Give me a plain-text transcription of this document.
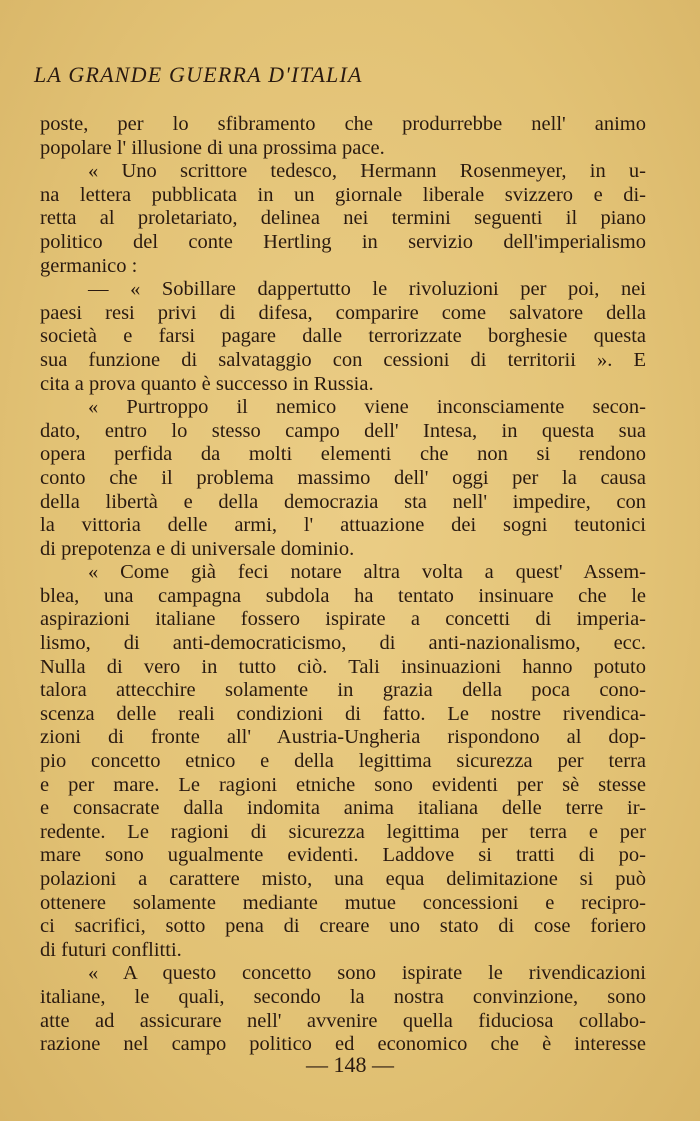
LA GRANDE GUERRA D'ITALIA
poste, per lo sfibramento che produrrebbe nell' animo
popolare l' illusione di una prossima pace.
« Uno scrittore tedesco, Hermann Rosenmeyer, in u-
na lettera pubblicata in un giornale liberale svizzero e di-
retta al proletariato, delinea nei termini seguenti il piano
politico del conte Hertling in servizio dell'imperialismo
germanico :
— « Sobillare dappertutto le rivoluzioni per poi, nei
paesi resi privi di difesa, comparire come salvatore della
società e farsi pagare dalle terrorizzate borghesie questa
sua funzione di salvataggio con cessioni di territorii ». E
cita a prova quanto è successo in Russia.
« Purtroppo il nemico viene inconsciamente secon-
dato, entro lo stesso campo dell' Intesa, in questa sua
opera perfida da molti elementi che non si rendono
conto che il problema massimo dell' oggi per la causa
della libertà e della democrazia sta nell' impedire, con
la vittoria delle armi, l' attuazione dei sogni teutonici
di prepotenza e di universale dominio.
« Come già feci notare altra volta a quest' Assem-
blea, una campagna subdola ha tentato insinuare che le
aspirazioni italiane fossero ispirate a concetti di imperia-
lismo, di anti-democraticismo, di anti-nazionalismo, ecc.
Nulla di vero in tutto ciò. Tali insinuazioni hanno potuto
talora attecchire solamente in grazia della poca cono-
scenza delle reali condizioni di fatto. Le nostre rivendica-
zioni di fronte all' Austria-Ungheria rispondono al dop-
pio concetto etnico e della legittima sicurezza per terra
e per mare. Le ragioni etniche sono evidenti per sè stesse
e consacrate dalla indomita anima italiana delle terre ir-
redente. Le ragioni di sicurezza legittima per terra e per
mare sono ugualmente evidenti. Laddove si tratti di po-
polazioni a carattere misto, una equa delimitazione si può
ottenere solamente mediante mutue concessioni e recipro-
ci sacrifici, sotto pena di creare uno stato di cose foriero
di futuri conflitti.
« A questo concetto sono ispirate le rivendicazioni
italiane, le quali, secondo la nostra convinzione, sono
atte ad assicurare nell' avvenire quella fiduciosa collabo-
razione nel campo politico ed economico che è interesse
— 148 —
